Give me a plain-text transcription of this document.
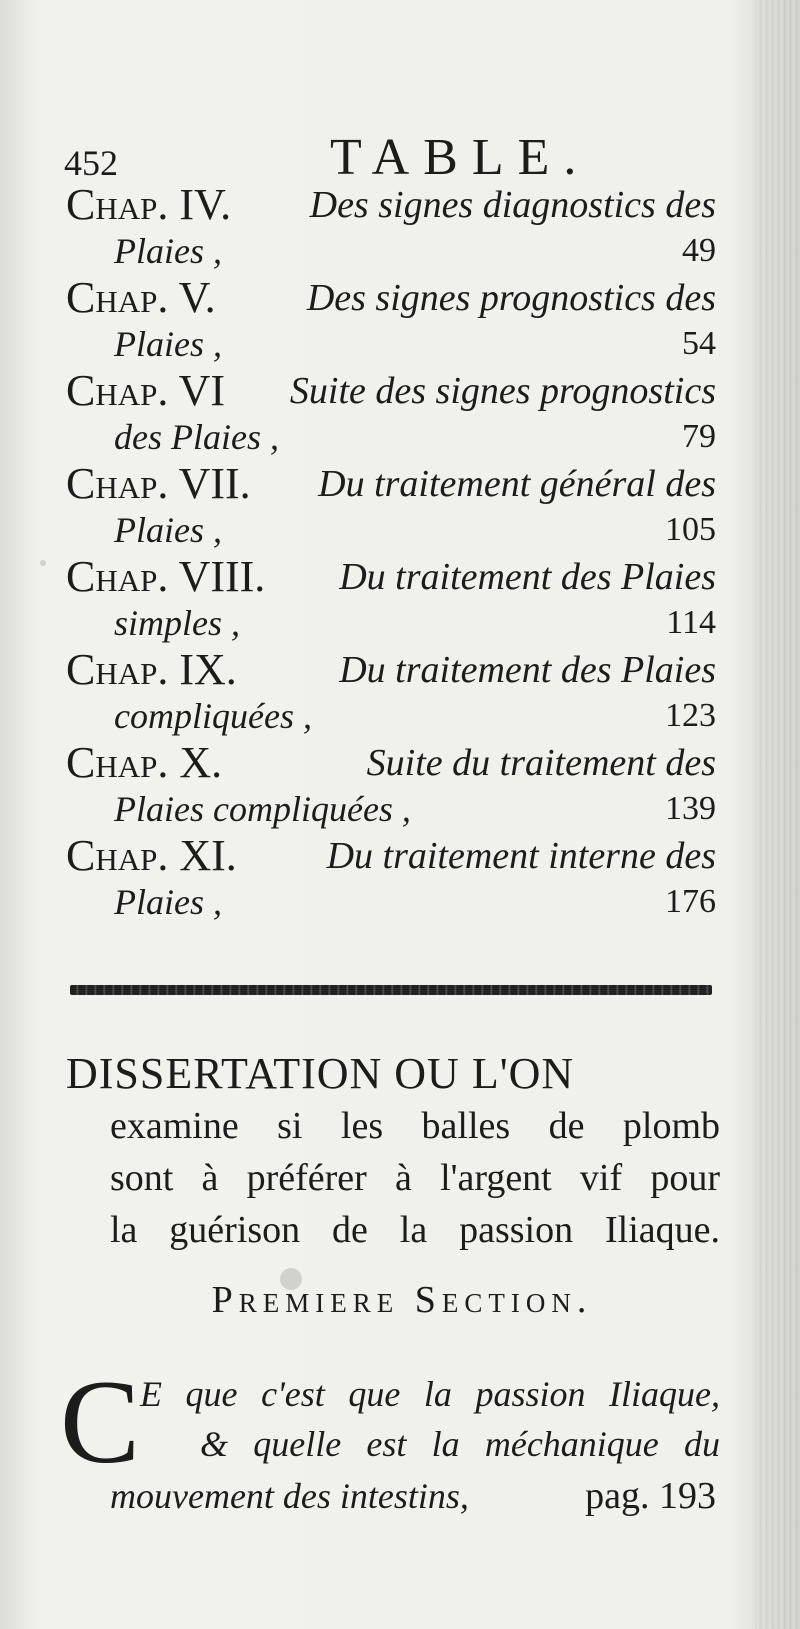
452	TABLE.
Chap. IV. Des signes diagnostics des
Plaies ,	49
Chap. V. Des signes prognostics des
Plaies ,	54
Chap. VI Suite des signes prognostics
des Plaies ,	79
Chap. VII. Du traitement général des
Plaies ,	105
Chap. VIII. Du traitement des Plaies
simples ,	114
Chap. IX.	Du traitement des Plaies
compliquées ,	123
Chap. X.	Suite du traitement des
Plaies compliquées ,	139
Chap. XI. Du traitement interne des
Plaies ,	176
DISSERTATION OU L'ON
examine si les balles de plomb
sont à préférer à l'argent vif pour
la guérison de la passion Iliaque.
Premiere Section.
C E que c'est que la passion Iliaque,
& quelle est la méchanique du
mouvement des intestins,	pag. 193
